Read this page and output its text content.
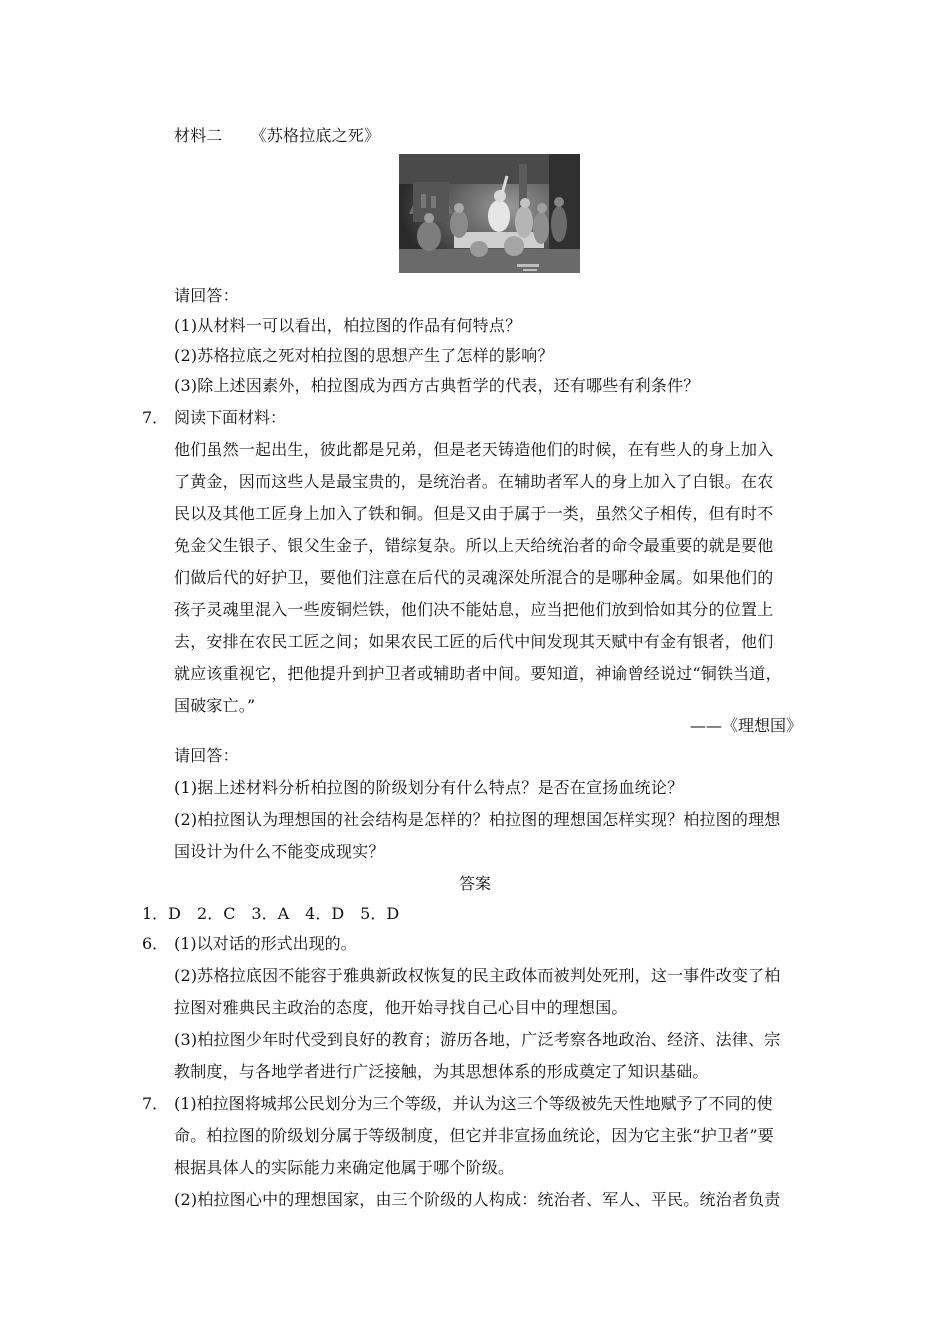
材料二 《苏格拉底之死》
请回答：
(1)从材料一可以看出，柏拉图的作品有何特点？
(2)苏格拉底之死对柏拉图的思想产生了怎样的影响？
(3)除上述因素外，柏拉图成为西方古典哲学的代表，还有哪些有利条件？
7． 阅读下面材料：
他们虽然一起出生，彼此都是兄弟，但是老天铸造他们的时候，在有些人的身上加入
了黄金，因而这些人是最宝贵的，是统治者。在辅助者军人的身上加入了白银。在农
民以及其他工匠身上加入了铁和铜。但是又由于属于一类，虽然父子相传，但有时不
免金父生银子、银父生金子，错综复杂。所以上天给统治者的命令最重要的就是要他
们做后代的好护卫，要他们注意在后代的灵魂深处所混合的是哪种金属。如果他们的
孩子灵魂里混入一些废铜烂铁，他们决不能姑息，应当把他们放到恰如其分的位置上
去，安排在农民工匠之间；如果农民工匠的后代中间发现其天赋中有金有银者，他们
就应该重视它，把他提升到护卫者或辅助者中间。要知道，神谕曾经说过“铜铁当道，
国破家亡。”
——《理想国》
请回答：
(1)据上述材料分析柏拉图的阶级划分有什么特点？是否在宣扬血统论？
(2)柏拉图认为理想国的社会结构是怎样的？柏拉图的理想国怎样实现？柏拉图的理想
国设计为什么不能变成现实？
答案
1．D　2．C　3．A　4．D　5．D
6． (1)以对话的形式出现的。
(2)苏格拉底因不能容于雅典新政权恢复的民主政体而被判处死刑，这一事件改变了柏
拉图对雅典民主政治的态度，他开始寻找自己心目中的理想国。
(3)柏拉图少年时代受到良好的教育；游历各地，广泛考察各地政治、经济、法律、宗
教制度，与各地学者进行广泛接触，为其思想体系的形成奠定了知识基础。
7． (1)柏拉图将城邦公民划分为三个等级，并认为这三个等级被先天性地赋予了不同的使
命。柏拉图的阶级划分属于等级制度，但它并非宣扬血统论，因为它主张“护卫者”要
根据具体人的实际能力来确定他属于哪个阶级。
(2)柏拉图心中的理想国家，由三个阶级的人构成：统治者、军人、平民。统治者负责
